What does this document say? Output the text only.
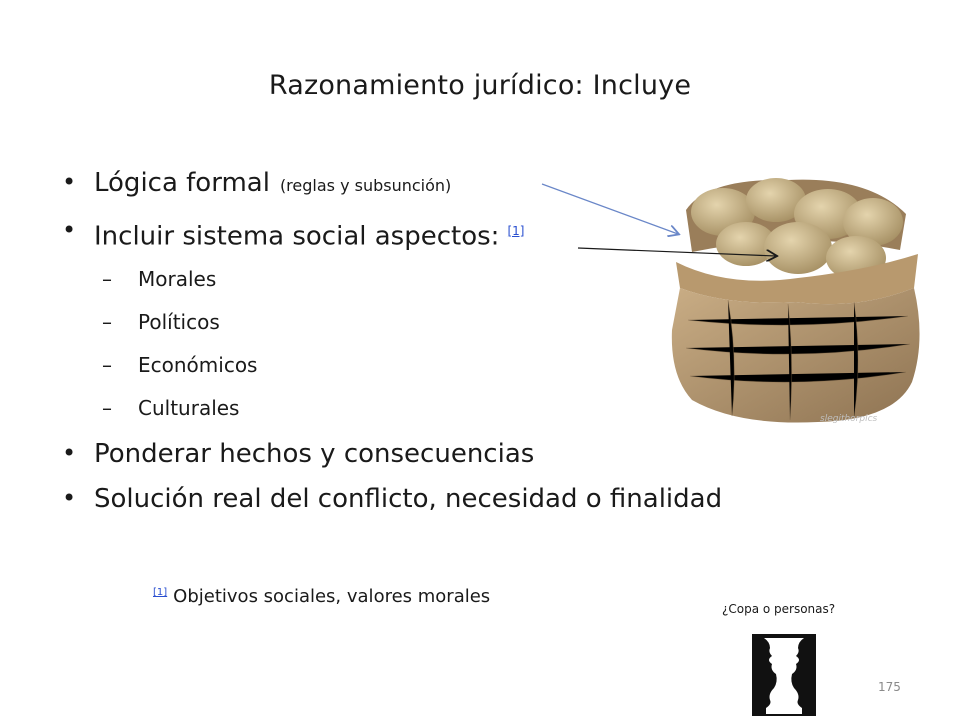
Razonamiento jurídico: Incluye
• Lógica formal (reglas y subsunción)
• Incluir sistema social aspectos: [1]
– Morales
– Políticos
– Económicos
– Culturales
• Ponderar hechos y consecuencias
• Solución real del conflicto, necesidad o finalidad
slegithorpics
[1] Objetivos sociales, valores morales
¿Copa o personas?
175
